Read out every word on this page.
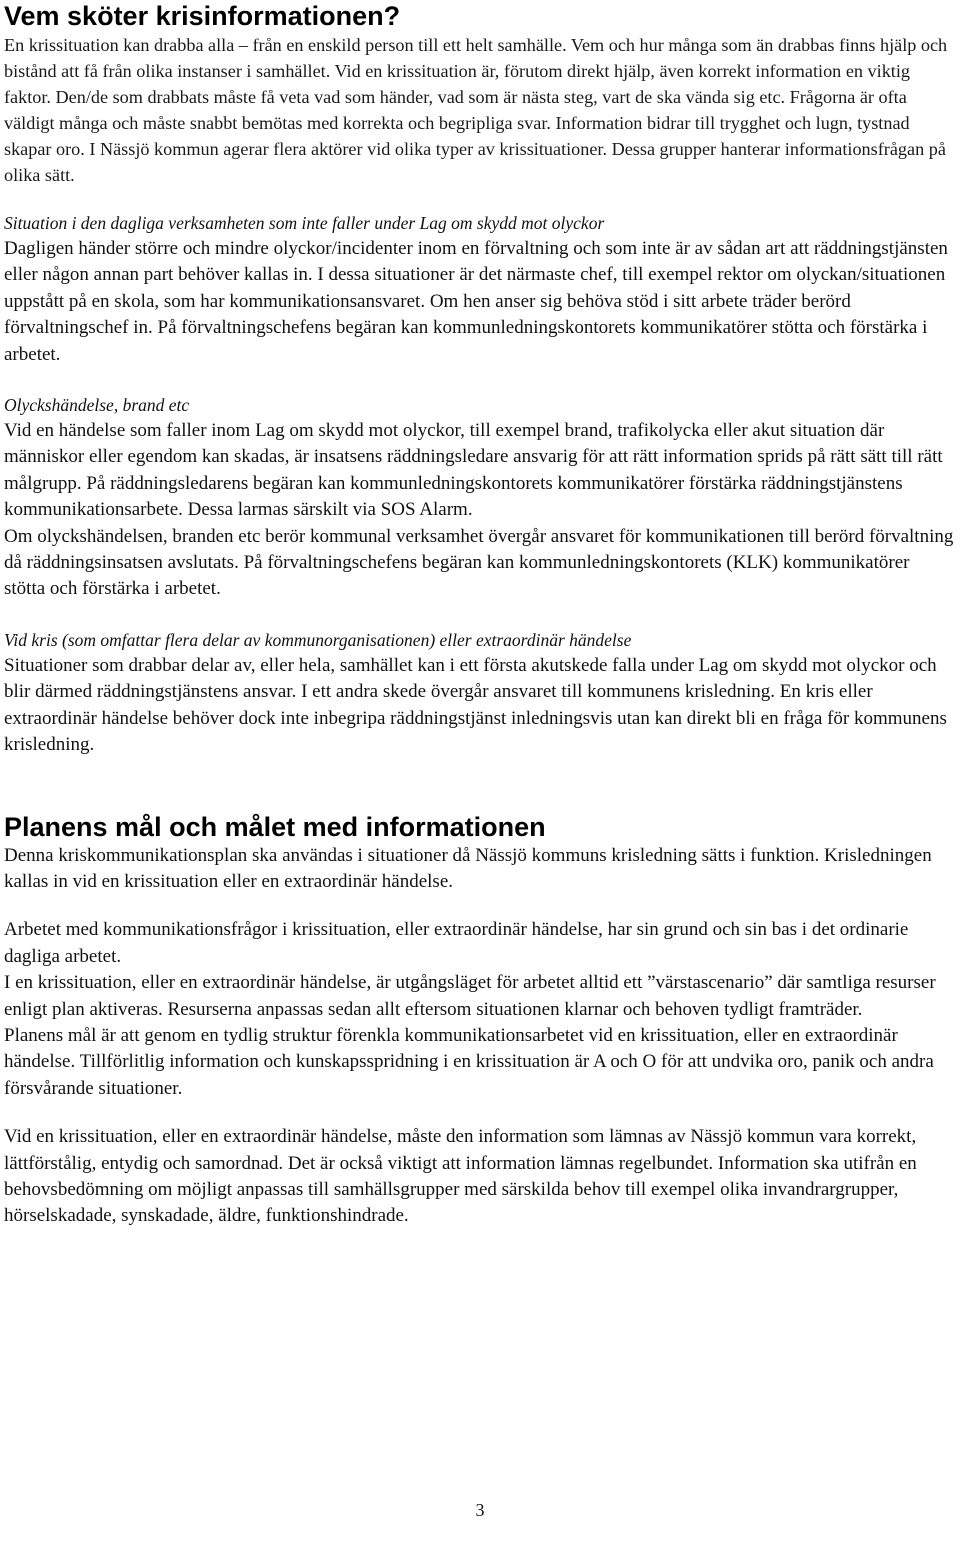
Vem sköter krisinformationen?

En krissituation kan drabba alla – från en enskild person till ett helt samhälle. Vem och hur många som än drabbas finns hjälp och bistånd att få från olika instanser i samhället. Vid en krissituation är, förutom direkt hjälp, även korrekt information en viktig faktor. Den/de som drabbats måste få veta vad som händer, vad som är nästa steg, vart de ska vända sig etc. Frågorna är ofta väldigt många och måste snabbt bemötas med korrekta och begripliga svar. Information bidrar till trygghet och lugn, tystnad skapar oro. I Nässjö kommun agerar flera aktörer vid olika typer av krissituationer. Dessa grupper hanterar informationsfrågan på olika sätt.

Situation i den dagliga verksamheten som inte faller under Lag om skydd mot olyckor

Dagligen händer större och mindre olyckor/incidenter inom en förvaltning och som inte är av sådan art att räddningstjänsten eller någon annan part behöver kallas in. I dessa situationer är det närmaste chef, till exempel rektor om olyckan/situationen uppstått på en skola, som har kommunikationsansvaret. Om hen anser sig behöva stöd i sitt arbete träder berörd förvaltningschef in. På förvaltningschefens begäran kan kommunledningskontorets kommunikatörer stötta och förstärka i arbetet.

Olyckshändelse, brand etc

Vid en händelse som faller inom Lag om skydd mot olyckor, till exempel brand, trafikolycka eller akut situation där människor eller egendom kan skadas, är insatsens räddningsledare ansvarig för att rätt information sprids på rätt sätt till rätt målgrupp. På räddningsledarens begäran kan kommunledningskontorets kommunikatörer förstärka räddningstjänstens kommunikationsarbete. Dessa larmas särskilt via SOS Alarm.

Om olyckshändelsen, branden etc berör kommunal verksamhet övergår ansvaret för kommunikationen till berörd förvaltning då räddningsinsatsen avslutats. På förvaltningschefens begäran kan kommunledningskontorets (KLK) kommunikatörer stötta och förstärka i arbetet.

Vid kris (som omfattar flera delar av kommunorganisationen) eller extraordinär händelse

Situationer som drabbar delar av, eller hela, samhället kan i ett första akutskede falla under Lag om skydd mot olyckor och blir därmed räddningstjänstens ansvar. I ett andra skede övergår ansvaret till kommunens krisledning. En kris eller extraordinär händelse behöver dock inte inbegripa räddningstjänst inledningsvis utan kan direkt bli en fråga för kommunens krisledning.

Planens mål och målet med informationen

Denna kriskommunikationsplan ska användas i situationer då Nässjö kommuns krisledning sätts i funktion. Krisledningen kallas in vid en krissituation eller en extraordinär händelse.

Arbetet med kommunikationsfrågor i krissituation, eller extraordinär händelse, har sin grund och sin bas i det ordinarie dagliga arbetet.

I en krissituation, eller en extraordinär händelse, är utgångsläget för arbetet alltid ett ”värstascenario” där samtliga resurser enligt plan aktiveras. Resurserna anpassas sedan allt eftersom situationen klarnar och behoven tydligt framträder.

Planens mål är att genom en tydlig struktur förenkla kommunikationsarbetet vid en krissituation, eller en extraordinär händelse. Tillförlitlig information och kunskapsspridning i en krissituation är A och O för att undvika oro, panik och andra försvårande situationer.

Vid en krissituation, eller en extraordinär händelse, måste den information som lämnas av Nässjö kommun vara korrekt, lättförstålig, entydig och samordnad. Det är också viktigt att information lämnas regelbundet. Information ska utifrån en behovsbedömning om möjligt anpassas till samhällsgrupper med särskilda behov till exempel olika invandrargrupper, hörselskadade, synskadade, äldre, funktionshindrade.

3
